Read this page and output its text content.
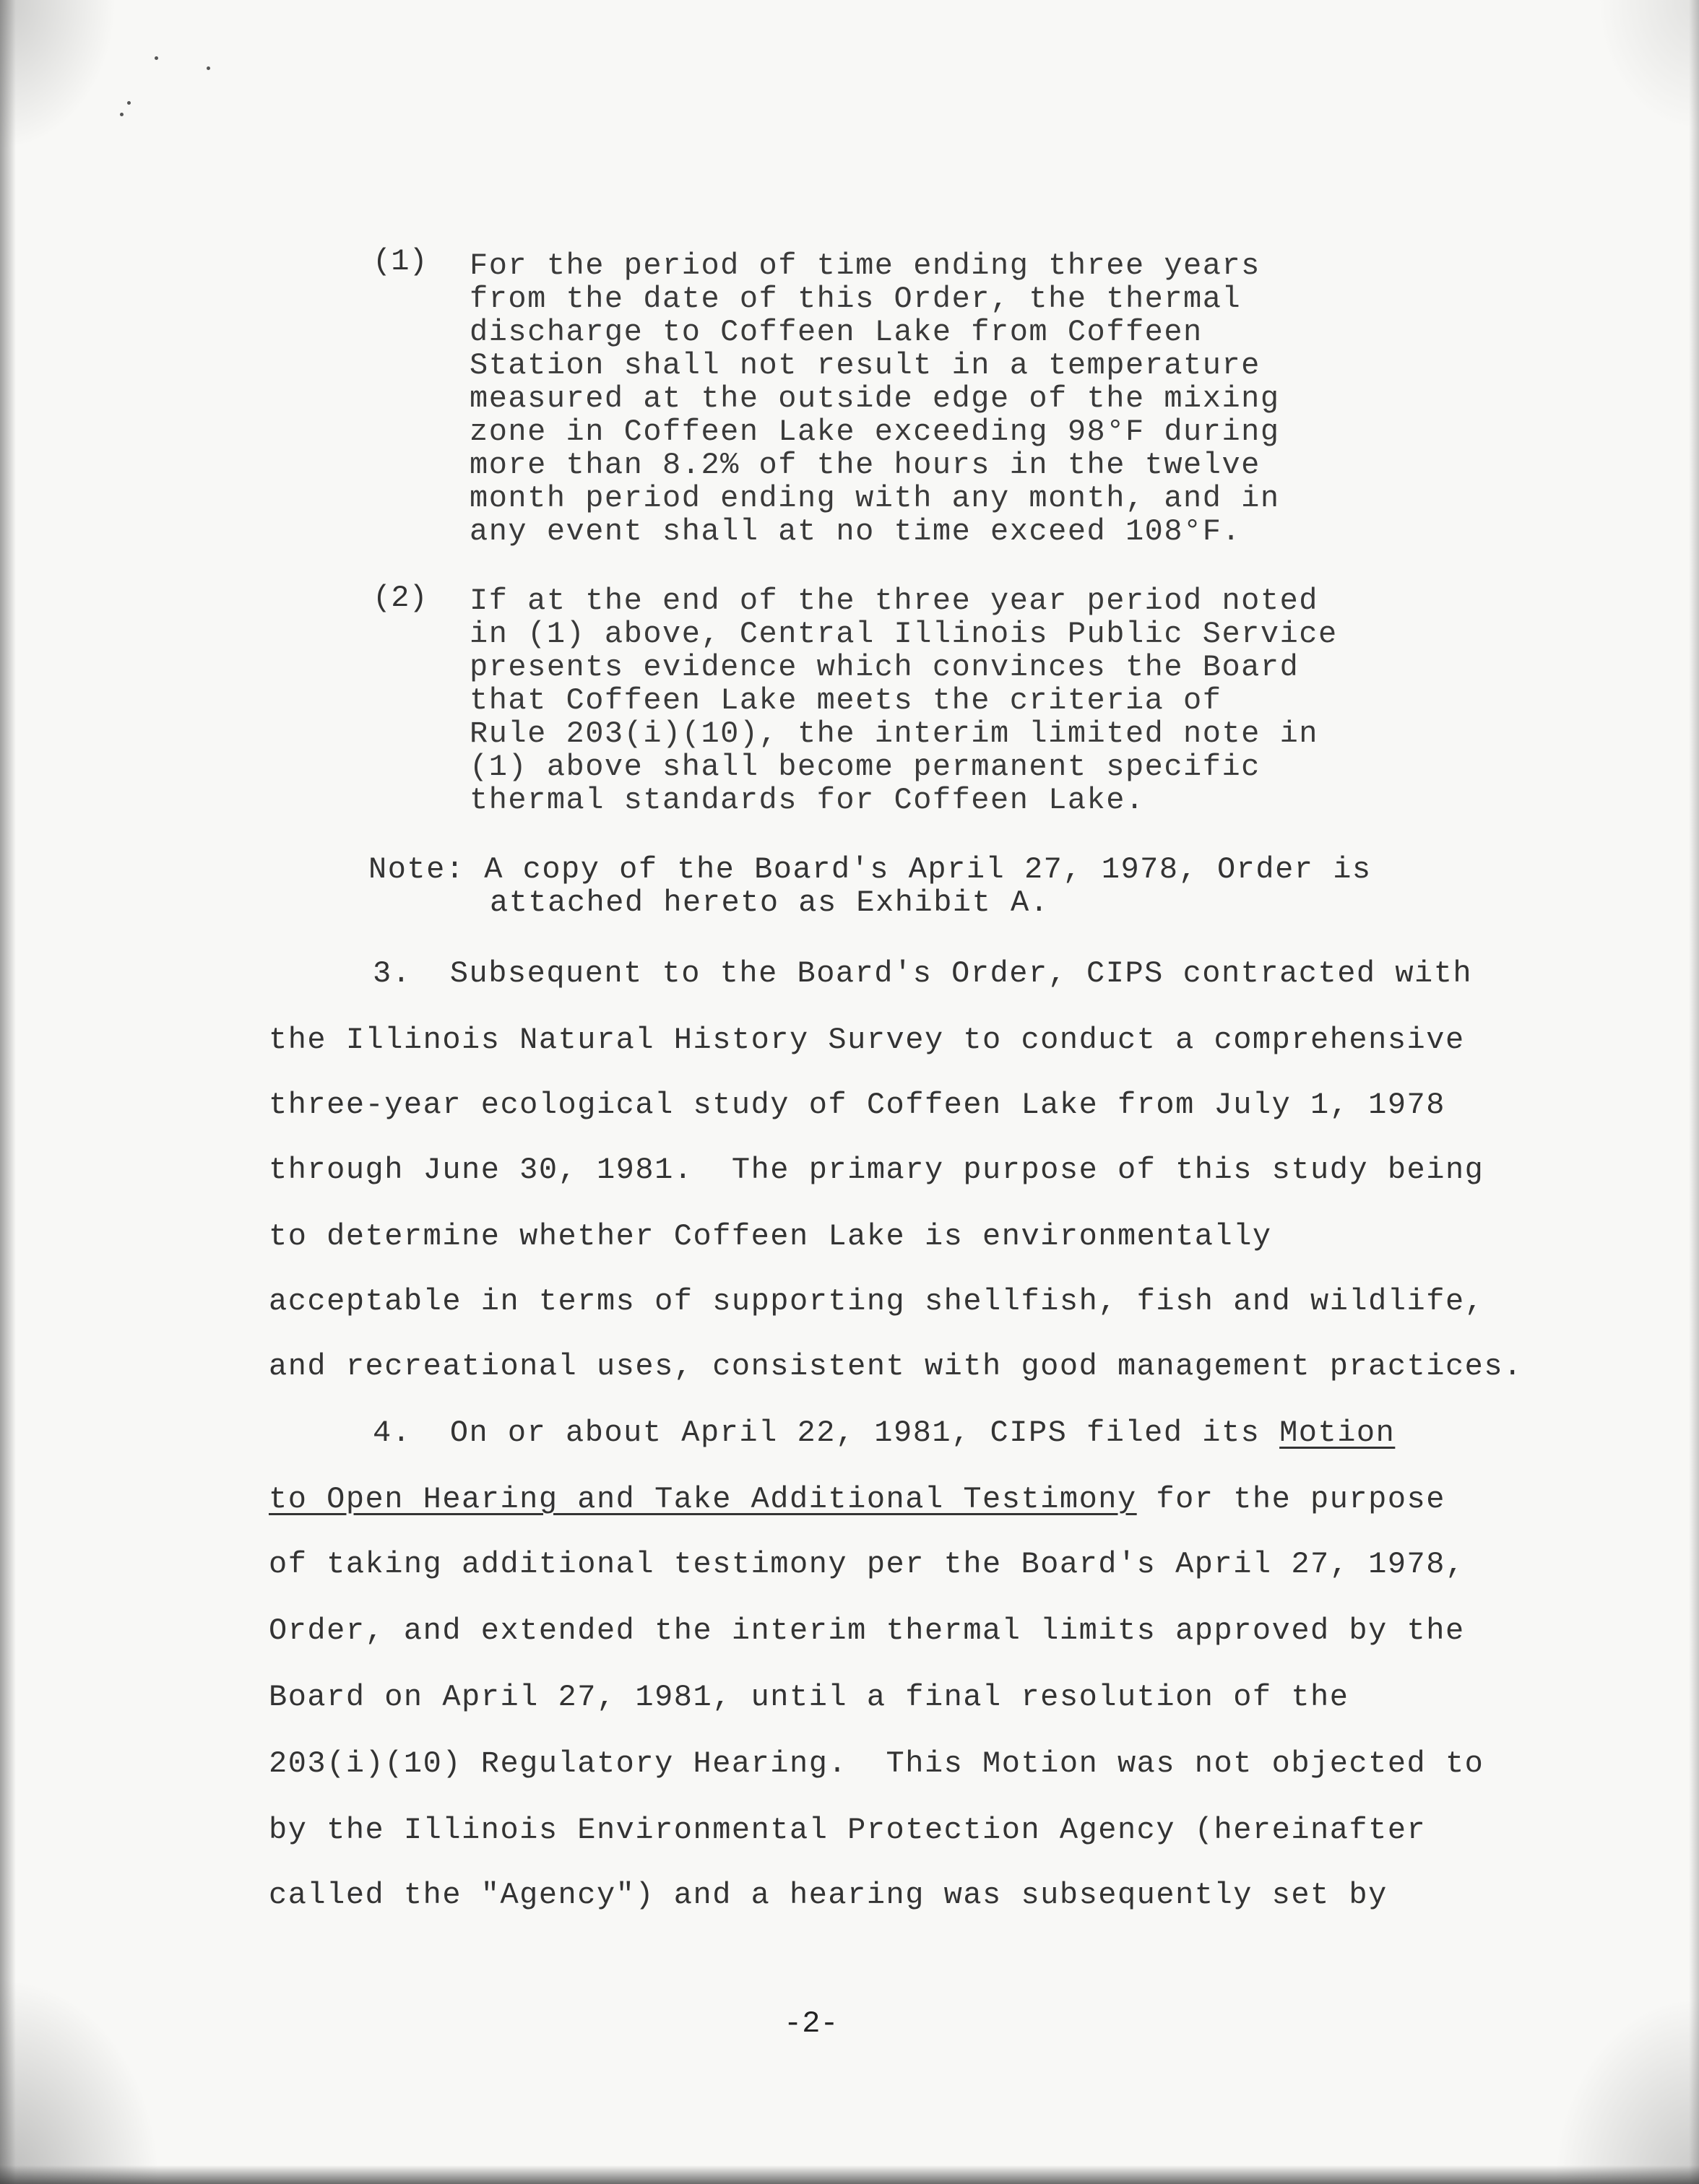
(1) For the period of time ending three years
from the date of this Order, the thermal
discharge to Coffeen Lake from Coffeen
Station shall not result in a temperature
measured at the outside edge of the mixing
zone in Coffeen Lake exceeding 98°F during
more than 8.2% of the hours in the twelve
month period ending with any month, and in
any event shall at no time exceed 108°F.
(2) If at the end of the three year period noted
in (1) above, Central Illinois Public Service
presents evidence which convinces the Board
that Coffeen Lake meets the criteria of
Rule 203(i)(10), the interim limited note in
(1) above shall become permanent specific
thermal standards for Coffeen Lake.
Note: A copy of the Board's April 27, 1978, Order is
attached hereto as Exhibit A.
3.  Subsequent to the Board's Order, CIPS contracted with
the Illinois Natural History Survey to conduct a comprehensive
three-year ecological study of Coffeen Lake from July 1, 1978
through June 30, 1981.  The primary purpose of this study being
to determine whether Coffeen Lake is environmentally
acceptable in terms of supporting shellfish, fish and wildlife,
and recreational uses, consistent with good management practices.
4.  On or about April 22, 1981, CIPS filed its Motion
to Open Hearing and Take Additional Testimony for the purpose
of taking additional testimony per the Board's April 27, 1978,
Order, and extended the interim thermal limits approved by the
Board on April 27, 1981, until a final resolution of the
203(i)(10) Regulatory Hearing.  This Motion was not objected to
by the Illinois Environmental Protection Agency (hereinafter
called the "Agency") and a hearing was subsequently set by
-2-
